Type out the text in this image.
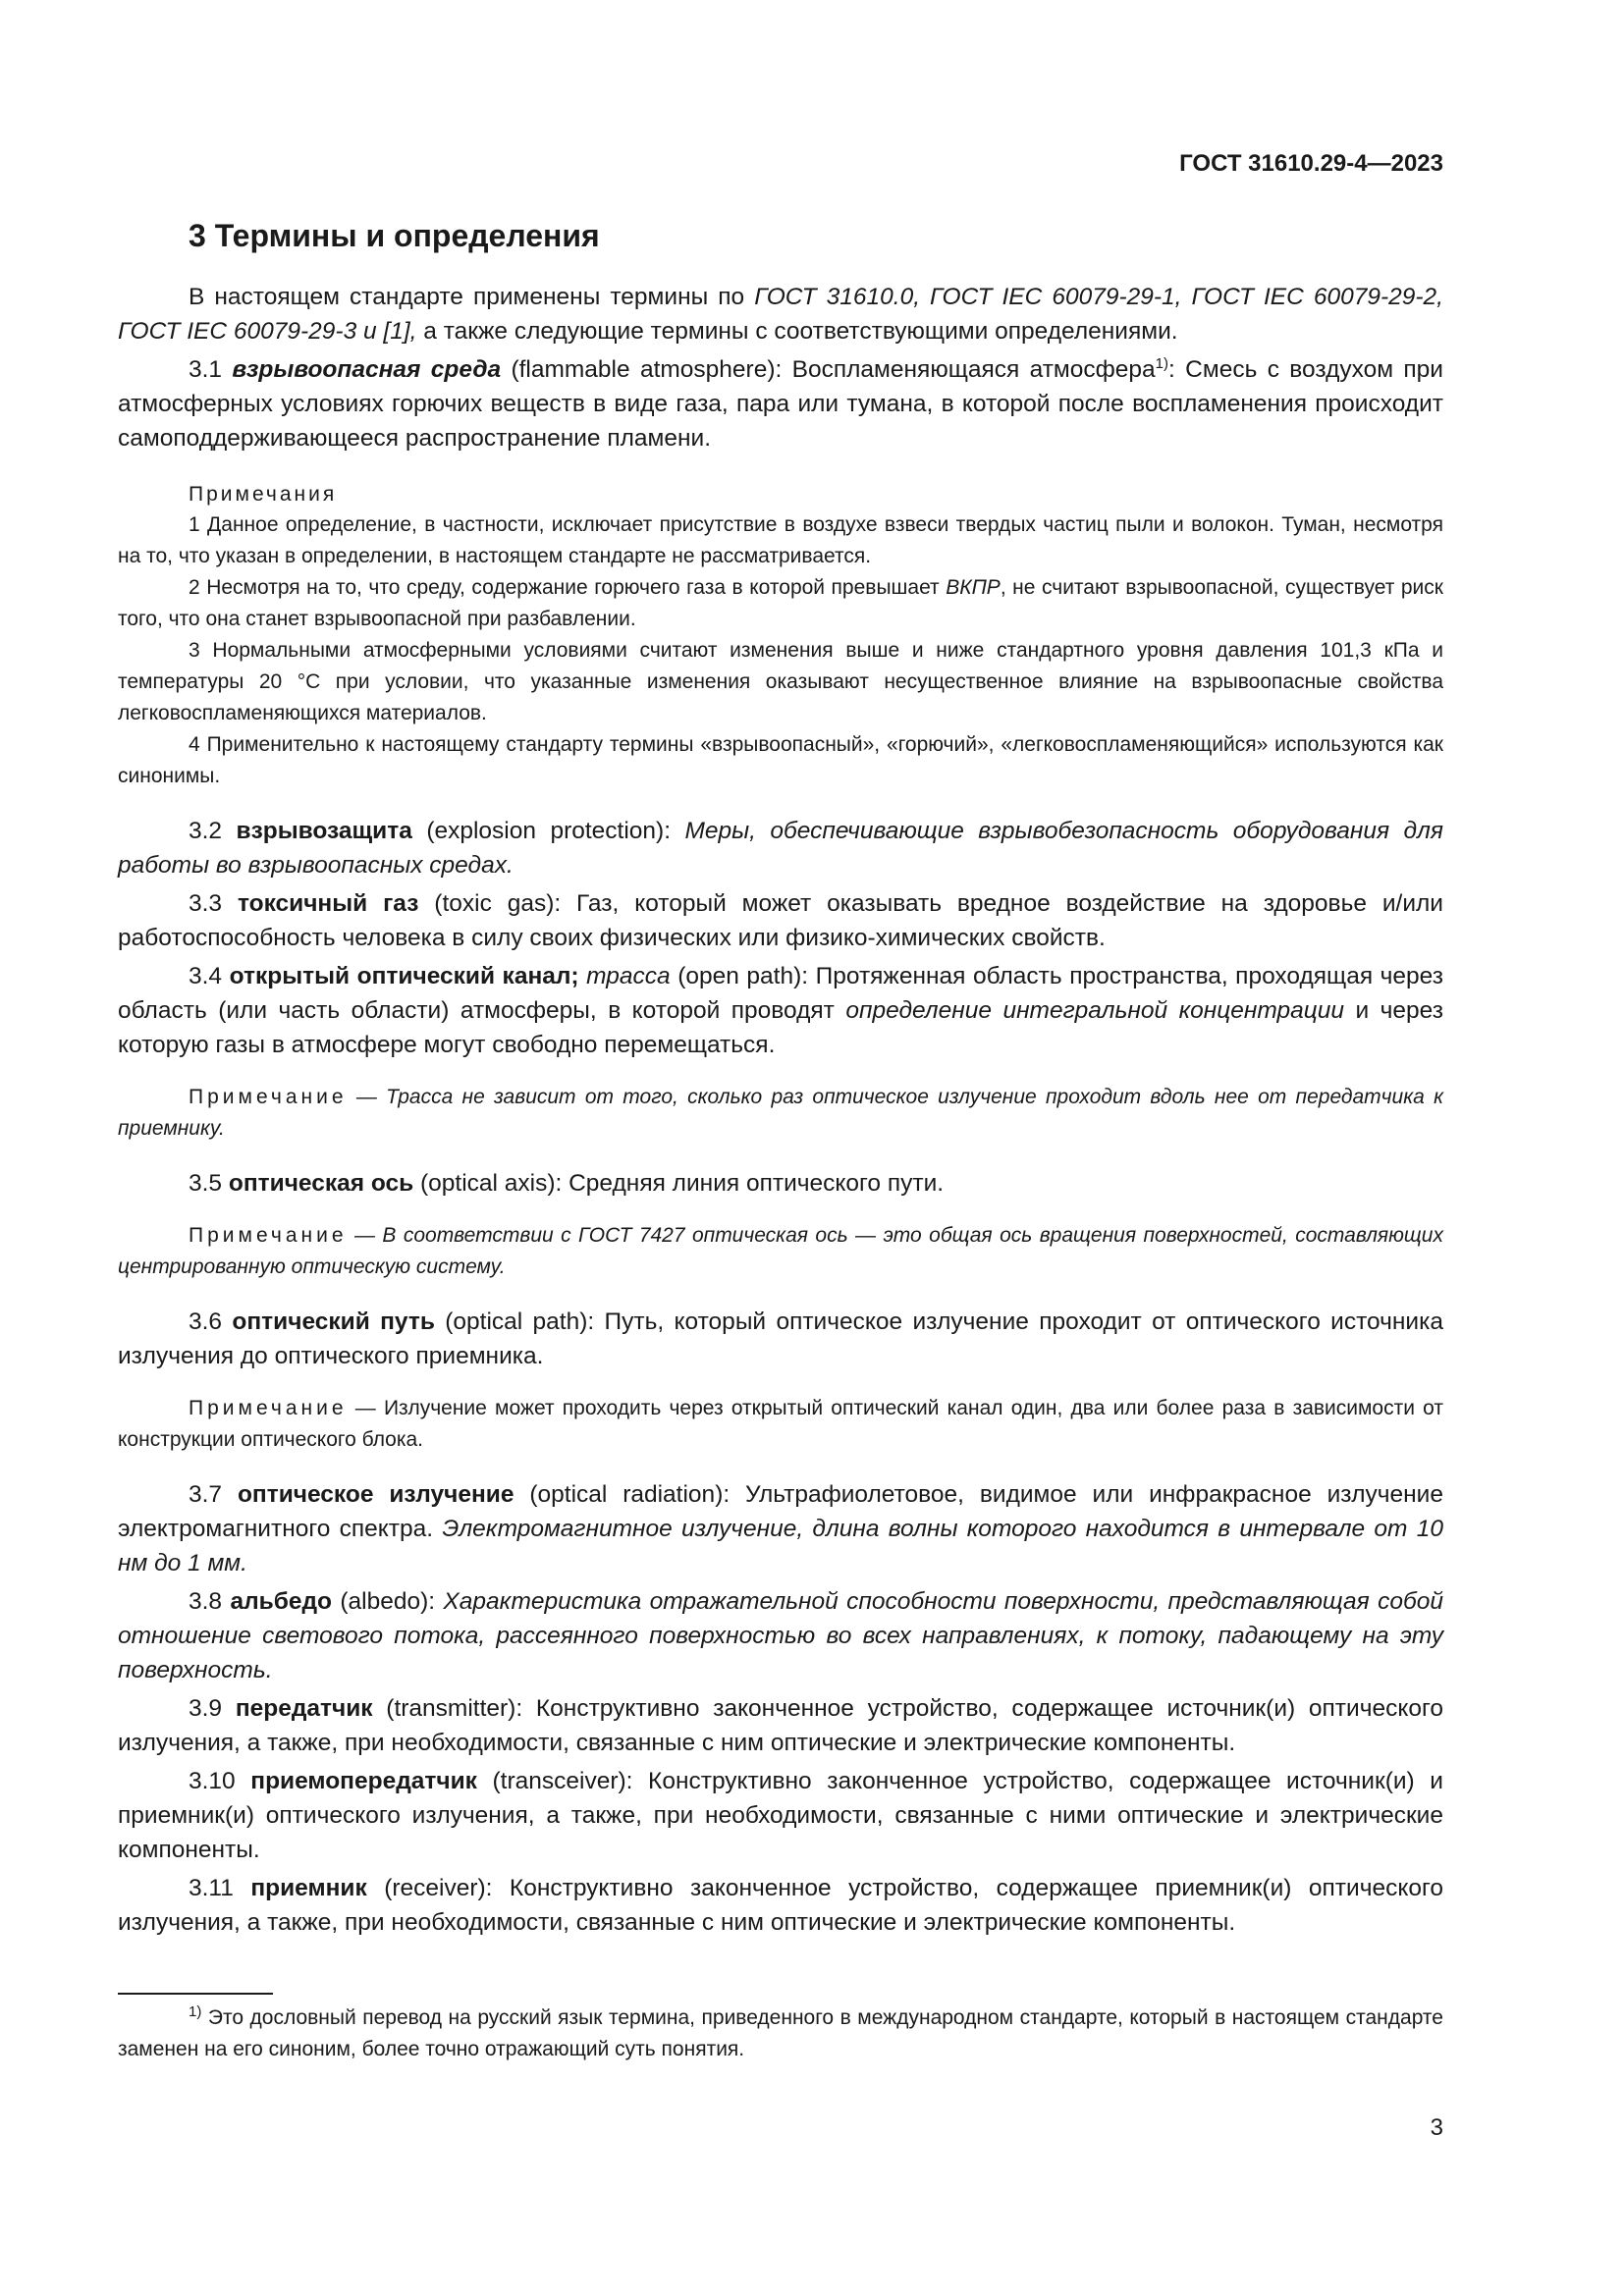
ГОСТ 31610.29-4—2023
3 Термины и определения

В настоящем стандарте применены термины по ГОСТ 31610.0, ГОСТ IEC 60079-29-1, ГОСТ IEC 60079-29-2, ГОСТ IEC 60079-29-3 и [1], а также следующие термины с соответствующими определениями.

3.1 взрывоопасная среда (flammable atmosphere): Воспламеняющаяся атмосфера$^{1)}$: Смесь с воздухом при атмосферных условиях горючих веществ в виде газа, пара или тумана, в которой после воспламенения происходит самоподдерживающееся распространение пламени.

Примечания

1 Данное определение, в частности, исключает присутствие в воздухе взвеси твердых частиц пыли и волокон. Туман, несмотря на то, что указан в определении, в настоящем стандарте не рассматривается.

2 Несмотря на то, что среду, содержание горючего газа в которой превышает ВКПР, не считают взрывоопасной, существует риск того, что она станет взрывоопасной при разбавлении.

3 Нормальными атмосферными условиями считают изменения выше и ниже стандартного уровня давления 101,3 кПа и температуры 20 °С при условии, что указанные изменения оказывают несущественное влияние на взрывоопасные свойства легковоспламеняющихся материалов.

4 Применительно к настоящему стандарту термины «взрывоопасный», «горючий», «легковоспламеняющийся» используются как синонимы.

3.2 взрывозащита (explosion protection): Меры, обеспечивающие взрывобезопасность оборудования для работы во взрывоопасных средах.

3.3 токсичный газ (toxic gas): Газ, который может оказывать вредное воздействие на здоровье и/или работоспособность человека в силу своих физических или физико-химических свойств.

3.4 открытый оптический канал; трасса (open path): Протяженная область пространства, проходящая через область (или часть области) атмосферы, в которой проводят определение интегральной концентрации и через которую газы в атмосфере могут свободно перемещаться.

Примечание — Трасса не зависит от того, сколько раз оптическое излучение проходит вдоль нее от передатчика к приемнику.

3.5 оптическая ось (optical axis): Средняя линия оптического пути.

Примечание — В соответствии с ГОСТ 7427 оптическая ось — это общая ось вращения поверхностей, составляющих центрированную оптическую систему.

3.6 оптический путь (optical path): Путь, который оптическое излучение проходит от оптического источника излучения до оптического приемника.

Примечание — Излучение может проходить через открытый оптический канал один, два или более раза в зависимости от конструкции оптического блока.

3.7 оптическое излучение (optical radiation): Ультрафиолетовое, видимое или инфракрасное излучение электромагнитного спектра. Электромагнитное излучение, длина волны которого находится в интервале от 10 нм до 1 мм.

3.8 альбедо (albedo): Характеристика отражательной способности поверхности, представляющая собой отношение светового потока, рассеянного поверхностью во всех направлениях, к потоку, падающему на эту поверхность.

3.9 передатчик (transmitter): Конструктивно законченное устройство, содержащее источник(и) оптического излучения, а также, при необходимости, связанные с ним оптические и электрические компоненты.

3.10 приемопередатчик (transceiver): Конструктивно законченное устройство, содержащее источник(и) и приемник(и) оптического излучения, а также, при необходимости, связанные с ними оптические и электрические компоненты.

3.11 приемник (receiver): Конструктивно законченное устройство, содержащее приемник(и) оптического излучения, а также, при необходимости, связанные с ним оптические и электрические компоненты.

$^{1)}$ Это дословный перевод на русский язык термина, приведенного в международном стандарте, который в настоящем стандарте заменен на его синоним, более точно отражающий суть понятия.
3
